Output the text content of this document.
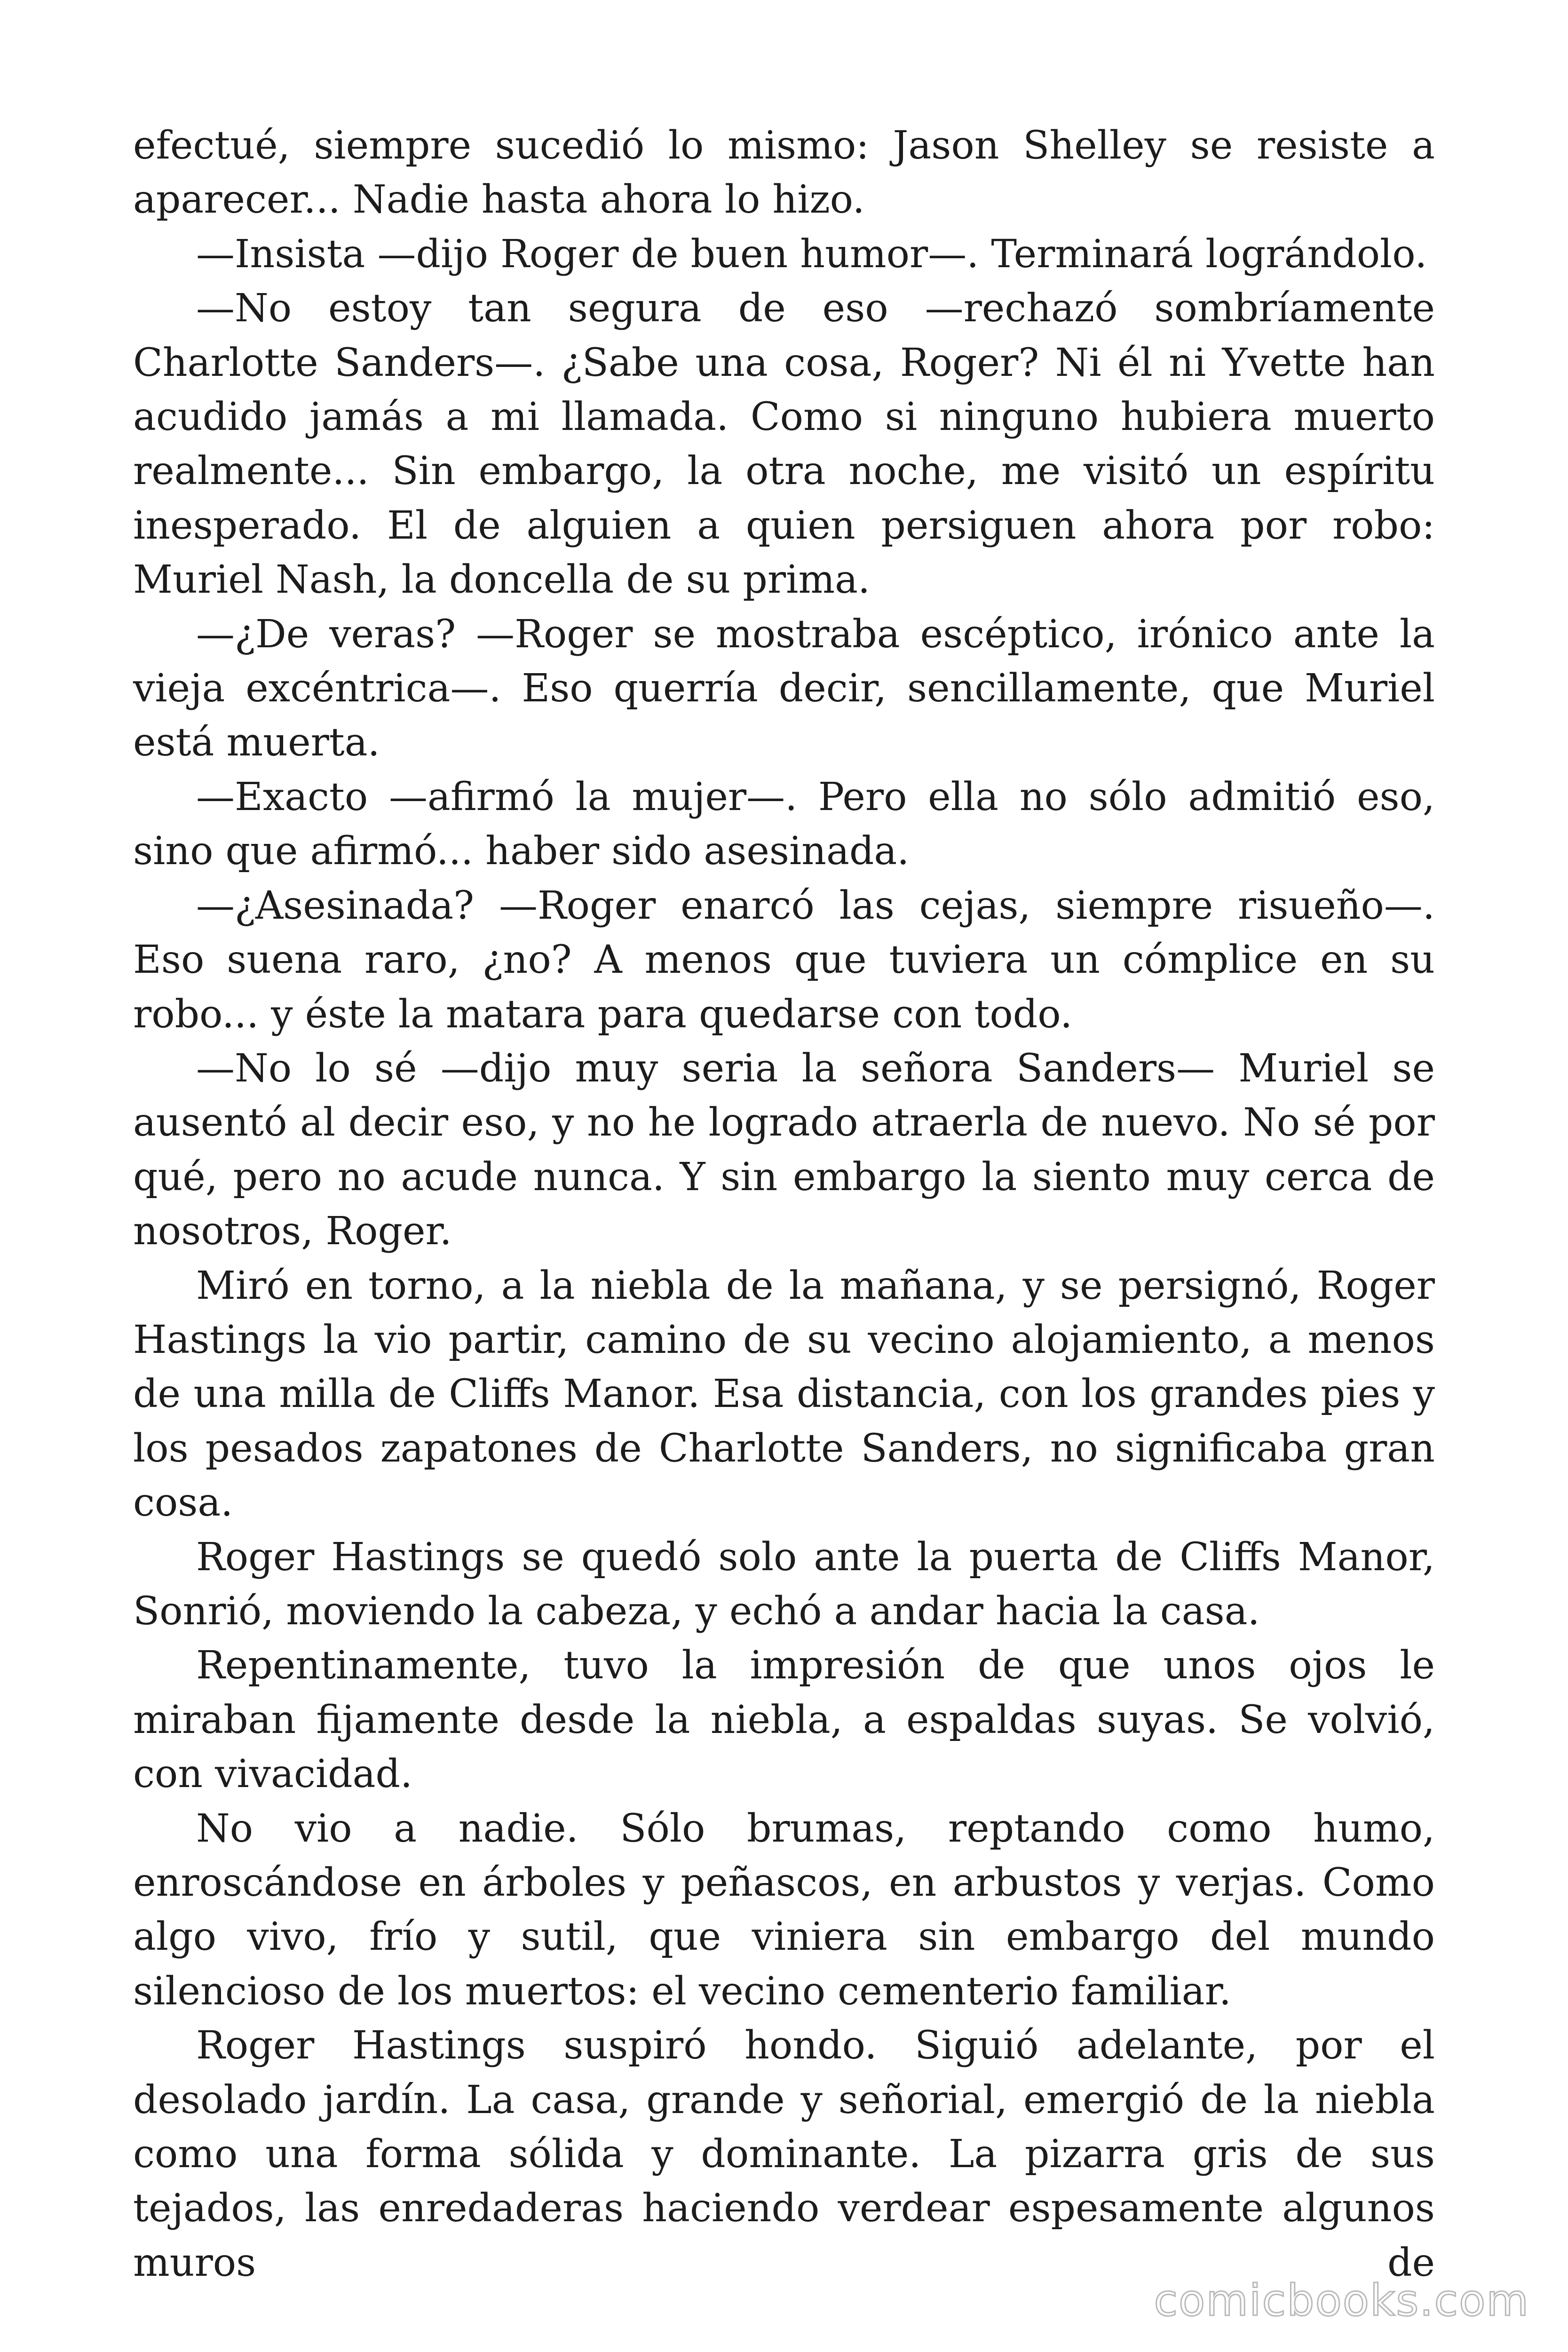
efectué, siempre sucedió lo mismo: Jason Shelley se resiste a aparecer... Nadie hasta ahora lo hizo.

—Insista —dijo Roger de buen humor—. Terminará lográndolo.

—No estoy tan segura de eso —rechazó sombríamente Charlotte Sanders—. ¿Sabe una cosa, Roger? Ni él ni Yvette han acudido jamás a mi llamada. Como si ninguno hubiera muerto realmente... Sin embargo, la otra noche, me visitó un espíritu inesperado. El de alguien a quien persiguen ahora por robo: Muriel Nash, la doncella de su prima.

—¿De veras? —Roger se mostraba escéptico, irónico ante la vieja excéntrica—. Eso querría decir, sencillamente, que Muriel está muerta.

—Exacto —afirmó la mujer—. Pero ella no sólo admitió eso, sino que afirmó... haber sido asesinada.

—¿Asesinada? —Roger enarcó las cejas, siempre risueño—. Eso suena raro, ¿no? A menos que tuviera un cómplice en su robo... y éste la matara para quedarse con todo.

—No lo sé —dijo muy seria la señora Sanders— Muriel se ausentó al decir eso, y no he logrado atraerla de nuevo. No sé por qué, pero no acude nunca. Y sin embargo la siento muy cerca de nosotros, Roger.

Miró en torno, a la niebla de la mañana, y se persignó, Roger Hastings la vio partir, camino de su vecino alojamiento, a menos de una milla de Cliffs Manor. Esa distancia, con los grandes pies y los pesados zapatones de Charlotte Sanders, no significaba gran cosa.

Roger Hastings se quedó solo ante la puerta de Cliffs Manor, Sonrió, moviendo la cabeza, y echó a andar hacia la casa.

Repentinamente, tuvo la impresión de que unos ojos le miraban fijamente desde la niebla, a espaldas suyas. Se volvió, con vivacidad.

No vio a nadie. Sólo brumas, reptando como humo, enroscándose en árboles y peñascos, en arbustos y verjas. Como algo vivo, frío y sutil, que viniera sin embargo del mundo silencioso de los muertos: el vecino cementerio familiar.

Roger Hastings suspiró hondo. Siguió adelante, por el desolado jardín. La casa, grande y señorial, emergió de la niebla como una forma sólida y dominante. La pizarra gris de sus tejados, las enredaderas haciendo verdear espesamente algunos muros de

comicbooks.com
